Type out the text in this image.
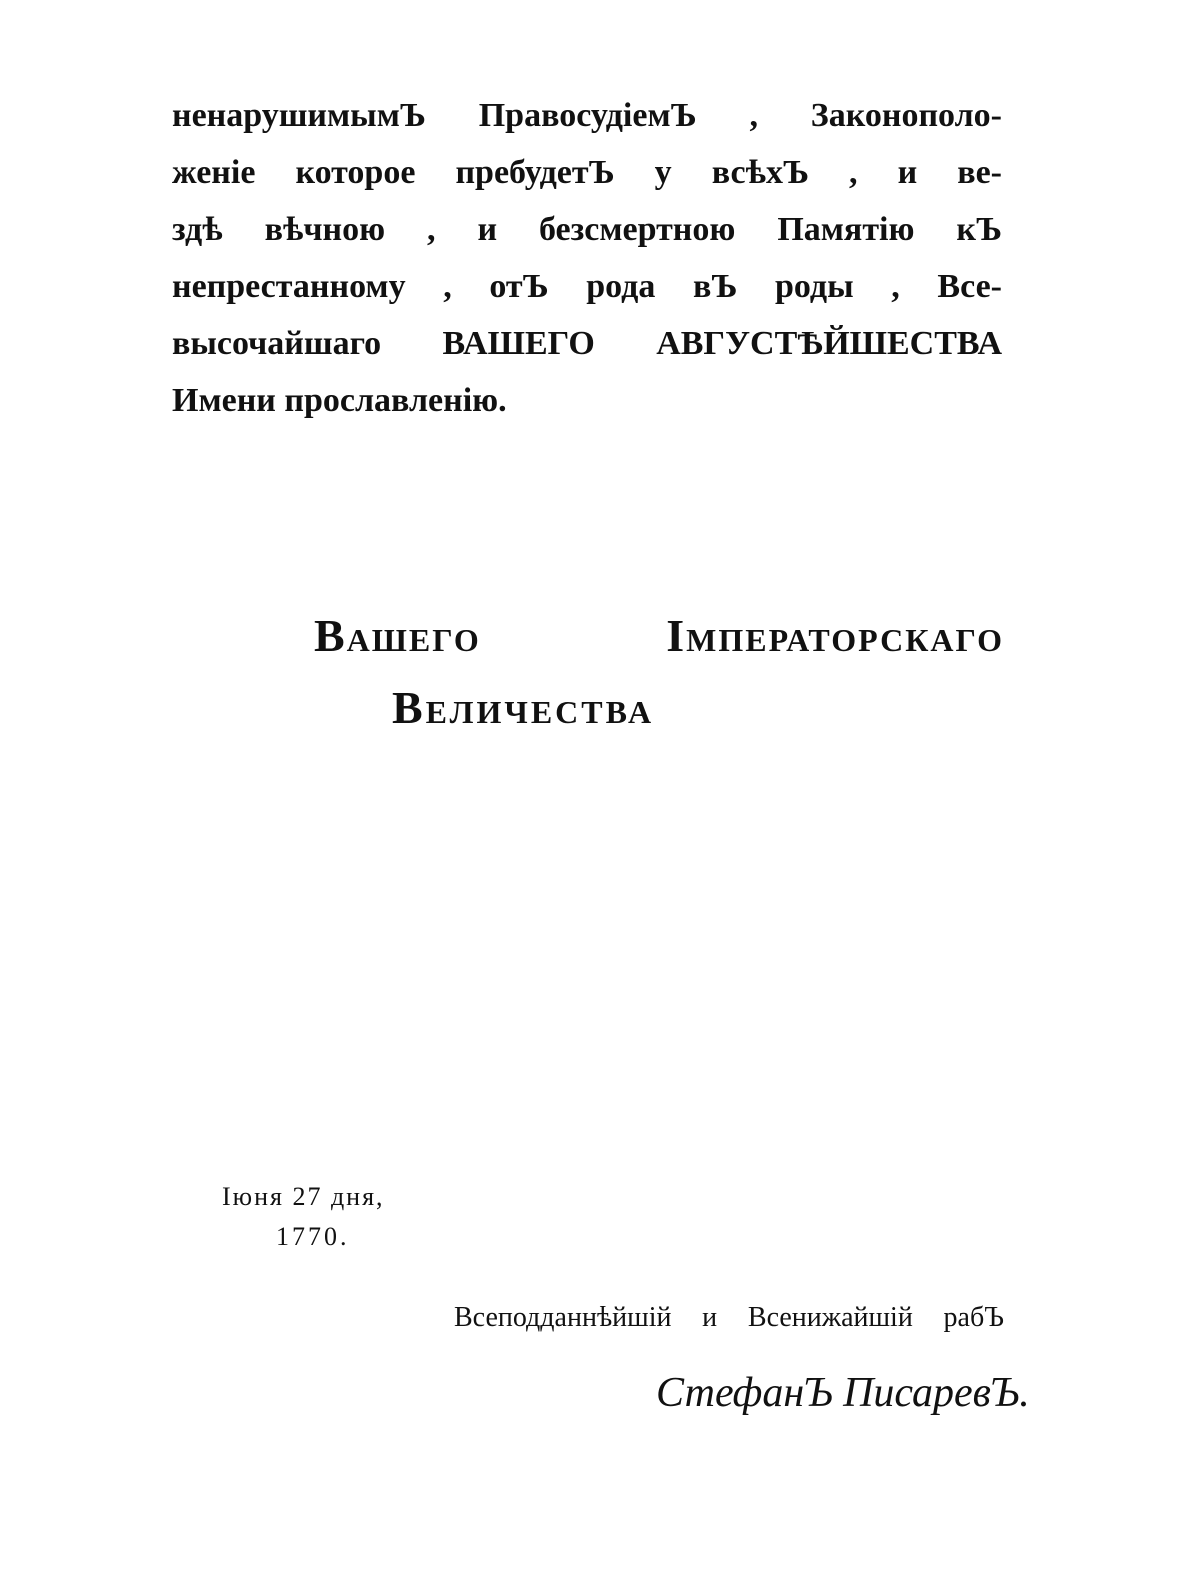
ненарушимымЪ ПравосудіемЪ , Законополо-
женіе которое пребудетЪ у всѣхЪ , и ве-
здѣ вѣчною , и безсмертною Памятію кЪ
непрестанному , отЪ рода вЪ роды , Все-
высочайшаго ВАШЕГО АВГУСТѢЙШЕСТВА
Имени прославленію.
Вашего Імператорскаго
Величества
Іюня 27 дня,
1770.
Всеподданнѣйшій и Всенижайшій рабЪ
СтефанЪ ПисаревЪ.
